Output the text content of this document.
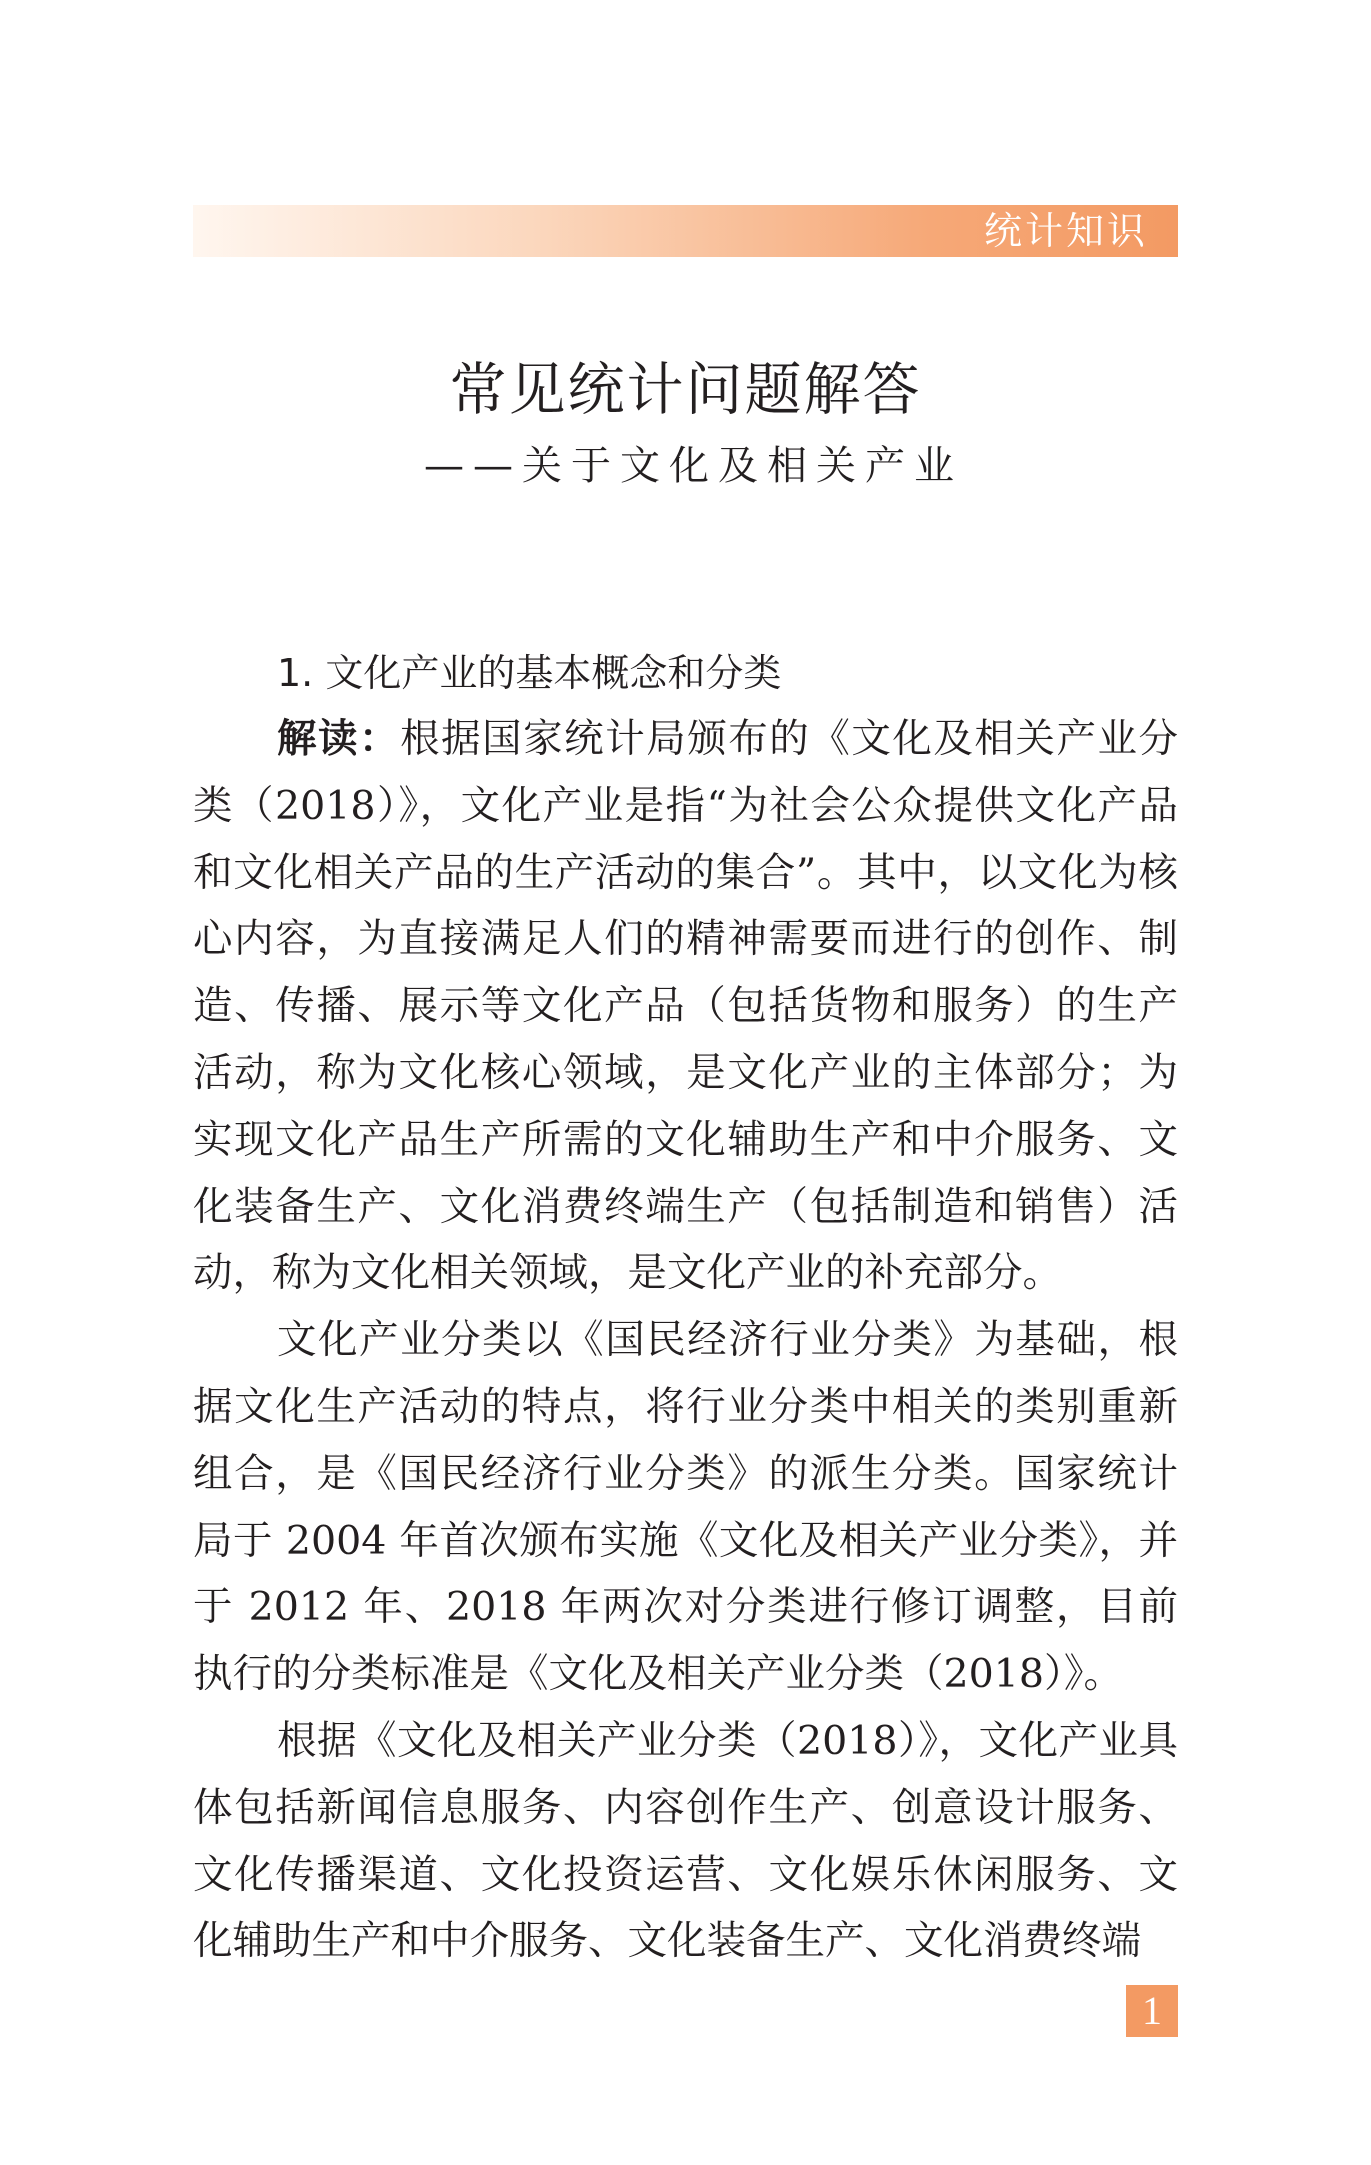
统计知识
常见统计问题解答
——关于文化及相关产业
1. 文化产业的基本概念和分类

解读：根据国家统计局颁布的《文化及相关产业分类（2018）》，文化产业是指“为社会公众提供文化产品和文化相关产品的生产活动的集合”。其中，以文化为核心内容，为直接满足人们的精神需要而进行的创作、制造、传播、展示等文化产品（包括货物和服务）的生产活动，称为文化核心领域，是文化产业的主体部分；为实现文化产品生产所需的文化辅助生产和中介服务、文化装备生产、文化消费终端生产（包括制造和销售）活动，称为文化相关领域，是文化产业的补充部分。

文化产业分类以《国民经济行业分类》为基础，根据文化生产活动的特点，将行业分类中相关的类别重新组合，是《国民经济行业分类》的派生分类。国家统计局于 2004 年首次颁布实施《文化及相关产业分类》，并于 2012 年、2018 年两次对分类进行修订调整，目前执行的分类标准是《文化及相关产业分类（2018）》。

根据《文化及相关产业分类（2018）》，文化产业具体包括新闻信息服务、内容创作生产、创意设计服务、文化传播渠道、文化投资运营、文化娱乐休闲服务、文化辅助生产和中介服务、文化装备生产、文化消费终端

1
